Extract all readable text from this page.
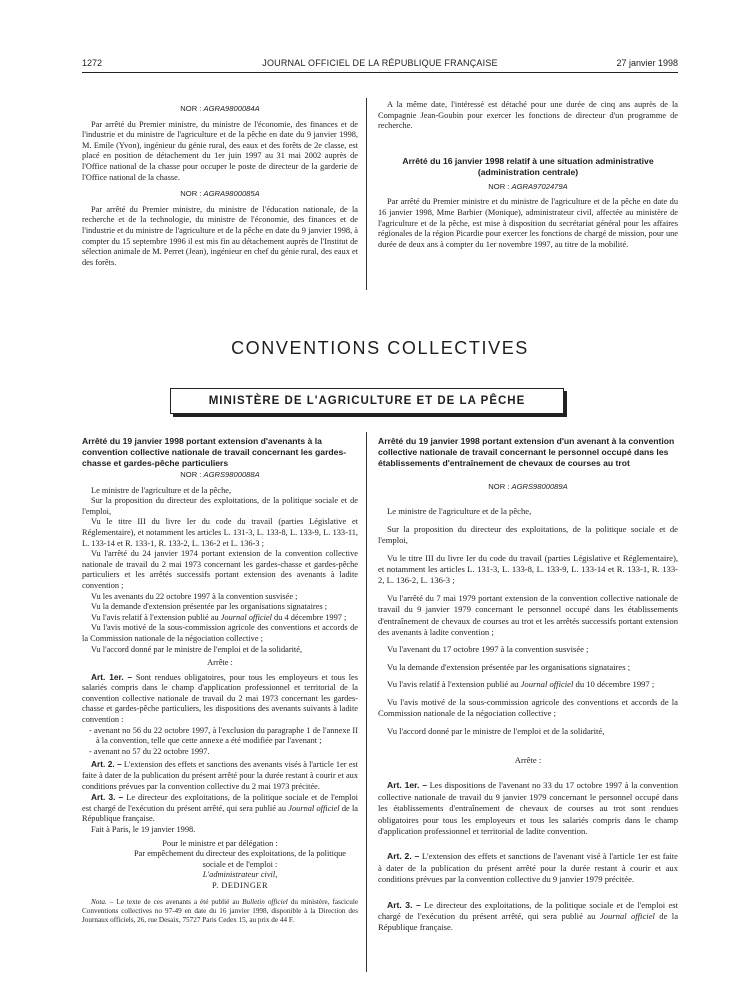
1272	JOURNAL OFFICIEL DE LA RÉPUBLIQUE FRANÇAISE	27 janvier 1998

NOR : AGRA9800084A

Par arrêté du Premier ministre, du ministre de l'économie, des finances et de l'industrie et du ministre de l'agriculture et de la pêche en date du 9 janvier 1998, M. Emile (Yvon), ingénieur du génie rural, des eaux et des forêts de 2e classe, est placé en position de détachement du 1er juin 1997 au 31 mai 2002 auprès de l'Office national de la chasse pour occuper le poste de directeur de la garderie de l'Office national de la chasse.

NOR : AGRA9800085A

Par arrêté du Premier ministre, du ministre de l'éducation nationale, de la recherche et de la technologie, du ministre de l'économie, des finances et de l'industrie et du ministre de l'agriculture et de la pêche en date du 9 janvier 1998, à compter du 15 septembre 1996 il est mis fin au détachement auprès de l'Institut de sélection animale de M. Perret (Jean), ingénieur en chef du génie rural, des eaux et des forêts.

A la même date, l'intéressé est détaché pour une durée de cinq ans auprès de la Compagnie Jean-Goubin pour exercer les fonctions de directeur d'un programme de recherche.

Arrêté du 16 janvier 1998 relatif à une situation administrative (administration centrale)

NOR : AGRA9702479A

Par arrêté du Premier ministre et du ministre de l'agriculture et de la pêche en date du 16 janvier 1998, Mme Barbier (Monique), administrateur civil, affectée au ministère de l'agriculture et de la pêche, est mise à disposition du secrétariat général pour les affaires régionales de la région Picardie pour exercer les fonctions de chargé de mission, pour une durée de deux ans à compter du 1er novembre 1997, au titre de la mobilité.

CONVENTIONS COLLECTIVES
MINISTÈRE DE L'AGRICULTURE ET DE LA PÊCHE
Arrêté du 19 janvier 1998 portant extension d'avenants à la convention collective nationale de travail concernant les gardes-chasse et gardes-pêche particuliers

NOR : AGRS9800088A

Le ministre de l'agriculture et de la pêche,

Sur la proposition du directeur des exploitations, de la politique sociale et de l'emploi,

Vu le titre III du livre Ier du code du travail (parties Législative et Réglementaire), et notamment les articles L. 131-3, L. 133-8, L. 133-9, L. 133-11, L. 133-14 et R. 133-1, R. 133-2, L. 136-2 et L. 136-3 ;

Vu l'arrêté du 24 janvier 1974 portant extension de la convention collective nationale de travail du 2 mai 1973 concernant les gardes-chasse et gardes-pêche particuliers et les arrêtés successifs portant extension des avenants à ladite convention ;

Vu les avenants du 22 octobre 1997 à la convention susvisée ;

Vu la demande d'extension présentée par les organisations signataires ;

Vu l'avis relatif à l'extension publié au Journal officiel du 4 décembre 1997 ;

Vu l'avis motivé de la sous-commission agricole des conventions et accords de la Commission nationale de la négociation collective ;

Vu l'accord donné par le ministre de l'emploi et de la solidarité,

Arrête :

Art. 1er. – Sont rendues obligatoires, pour tous les employeurs et tous les salariés compris dans le champ d'application professionnel et territorial de la convention collective nationale de travail du 2 mai 1973 concernant les gardes-chasse et gardes-pêche particuliers, les dispositions des avenants suivants à ladite convention :

- avenant no 56 du 22 octobre 1997, à l'exclusion du paragraphe 1 de l'annexe II à la convention, telle que cette annexe a été modifiée par l'avenant ;

- avenant no 57 du 22 octobre 1997.

Art. 2. – L'extension des effets et sanctions des avenants visés à l'article 1er est faite à dater de la publication du présent arrêté pour la durée restant à courir et aux conditions prévues par la convention collective du 2 mai 1973 précitée.

Art. 3. – Le directeur des exploitations, de la politique sociale et de l'emploi est chargé de l'exécution du présent arrêté, qui sera publié au Journal officiel de la République française.

Fait à Paris, le 19 janvier 1998.

Pour le ministre et par délégation :

Par empêchement du directeur des exploitations, de la politique sociale et de l'emploi :

L'administrateur civil,

P. DEDINGER

Nota. – Le texte de ces avenants a été publié au Bulletin officiel du ministère, fascicule Conventions collectives no 97-49 en date du 16 janvier 1998, disponible à la Direction des Journaux officiels, 26, rue Desaix, 75727 Paris Cedex 15, au prix de 44 F.

Arrêté du 19 janvier 1998 portant extension d'un avenant à la convention collective nationale de travail concernant le personnel occupé dans les établissements d'entraînement de chevaux de courses au trot

NOR : AGRS9800089A

Le ministre de l'agriculture et de la pêche,

Sur la proposition du directeur des exploitations, de la politique sociale et de l'emploi,

Vu le titre III du livre Ier du code du travail (parties Législative et Réglementaire), et notamment les articles L. 131-3, L. 133-8, L. 133-9, L. 133-14 et R. 133-1, R. 133-2, L. 136-2, L. 136-3 ;

Vu l'arrêté du 7 mai 1979 portant extension de la convention collective nationale de travail du 9 janvier 1979 concernant le personnel occupé dans les établissements d'entraînement de chevaux de courses au trot et les arrêtés successifs portant extension des avenants à ladite convention ;

Vu l'avenant du 17 octobre 1997 à la convention susvisée ;

Vu la demande d'extension présentée par les organisations signataires ;

Vu l'avis relatif à l'extension publié au Journal officiel du 10 décembre 1997 ;

Vu l'avis motivé de la sous-commission agricole des conventions et accords de la Commission nationale de la négociation collective ;

Vu l'accord donné par le ministre de l'emploi et de la solidarité,

Arrête :

Art. 1er. – Les dispositions de l'avenant no 33 du 17 octobre 1997 à la convention collective nationale de travail du 9 janvier 1979 concernant le personnel occupé dans les établissements d'entraînement de chevaux de courses au trot sont rendues obligatoires pour tous les employeurs et tous les salariés compris dans le champ d'application professionnel et territorial de ladite convention.

Art. 2. – L'extension des effets et sanctions de l'avenant visé à l'article 1er est faite à dater de la publication du présent arrêté pour la durée restant à courir et aux conditions prévues par la convention collective du 9 janvier 1979 précitée.

Art. 3. – Le directeur des exploitations, de la politique sociale et de l'emploi est chargé de l'exécution du présent arrêté, qui sera publié au Journal officiel de la République française.
